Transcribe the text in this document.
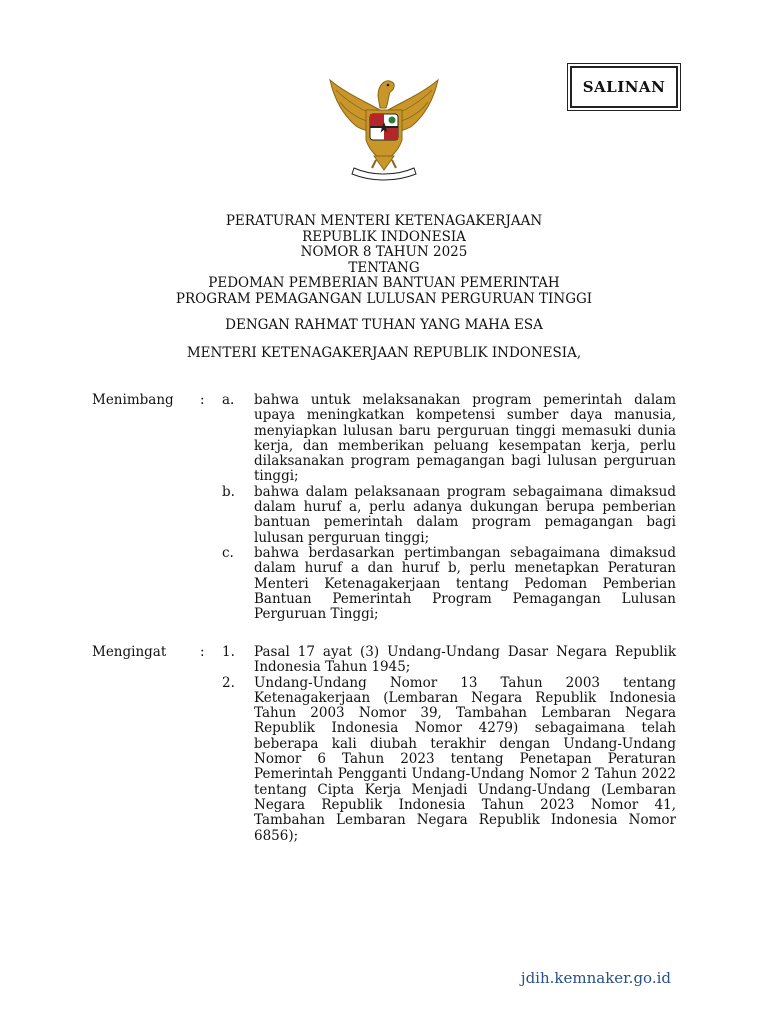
SALINAN
PERATURAN MENTERI KETENAGAKERJAAN
REPUBLIK INDONESIA
NOMOR 8 TAHUN 2025
TENTANG
PEDOMAN PEMBERIAN BANTUAN PEMERINTAH
PROGRAM PEMAGANGAN LULUSAN PERGURUAN TINGGI
DENGAN RAHMAT TUHAN YANG MAHA ESA
MENTERI KETENAGAKERJAAN REPUBLIK INDONESIA,
Menimbang	:	a.	bahwa untuk melaksanakan program pemerintah dalam upaya meningkatkan kompetensi sumber daya manusia, menyiapkan lulusan baru perguruan tinggi memasuki dunia kerja, dan memberikan peluang kesempatan kerja, perlu dilaksanakan program pemagangan bagi lulusan perguruan tinggi;
b.	bahwa dalam pelaksanaan program sebagaimana dimaksud dalam huruf a, perlu adanya dukungan berupa pemberian bantuan pemerintah dalam program pemagangan bagi lulusan perguruan tinggi;
c.	bahwa berdasarkan pertimbangan sebagaimana dimaksud dalam huruf a dan huruf b, perlu menetapkan Peraturan Menteri Ketenagakerjaan tentang Pedoman Pemberian Bantuan Pemerintah Program Pemagangan Lulusan Perguruan Tinggi;
Mengingat	:	1.	Pasal 17 ayat (3) Undang-Undang Dasar Negara Republik Indonesia Tahun 1945;
2.	Undang-Undang Nomor 13 Tahun 2003 tentang Ketenagakerjaan (Lembaran Negara Republik Indonesia Tahun 2003 Nomor 39, Tambahan Lembaran Negara Republik Indonesia Nomor 4279) sebagaimana telah beberapa kali diubah terakhir dengan Undang-Undang Nomor 6 Tahun 2023 tentang Penetapan Peraturan Pemerintah Pengganti Undang-Undang Nomor 2 Tahun 2022 tentang Cipta Kerja Menjadi Undang-Undang (Lembaran Negara Republik Indonesia Tahun 2023 Nomor 41, Tambahan Lembaran Negara Republik Indonesia Nomor 6856);
jdih.kemnaker.go.id
